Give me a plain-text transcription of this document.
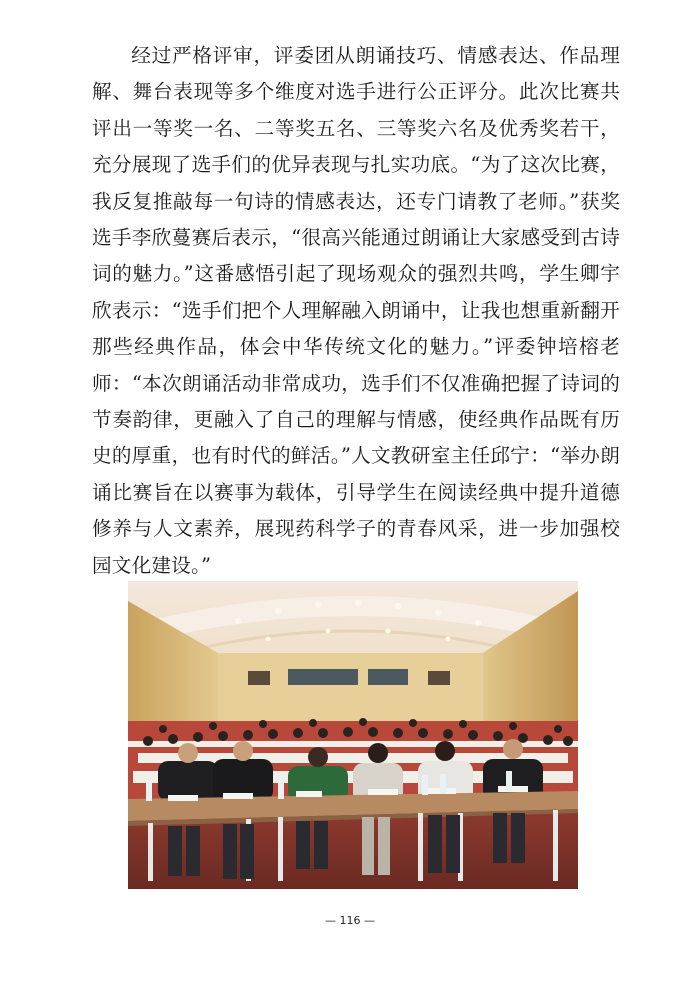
经过严格评审，评委团从朗诵技巧、情感表达、作品理解、舞台表现等多个维度对选手进行公正评分。此次比赛共评出一等奖一名、二等奖五名、三等奖六名及优秀奖若干，充分展现了选手们的优异表现与扎实功底。“为了这次比赛，我反复推敲每一句诗的情感表达，还专门请教了老师。”获奖选手李欣蔓赛后表示，“很高兴能通过朗诵让大家感受到古诗词的魅力。”这番感悟引起了现场观众的强烈共鸣，学生卿宇欣表示：“选手们把个人理解融入朗诵中，让我也想重新翻开那些经典作品，体会中华传统文化的魅力。”评委钟培榕老师：“本次朗诵活动非常成功，选手们不仅准确把握了诗词的节奏韵律，更融入了自己的理解与情感，使经典作品既有历史的厚重，也有时代的鲜活。”人文教研室主任邱宁：“举办朗诵比赛旨在以赛事为载体，引导学生在阅读经典中提升道德修养与人文素养，展现药科学子的青春风采，进一步加强校园文化建设。”

— 116 —
